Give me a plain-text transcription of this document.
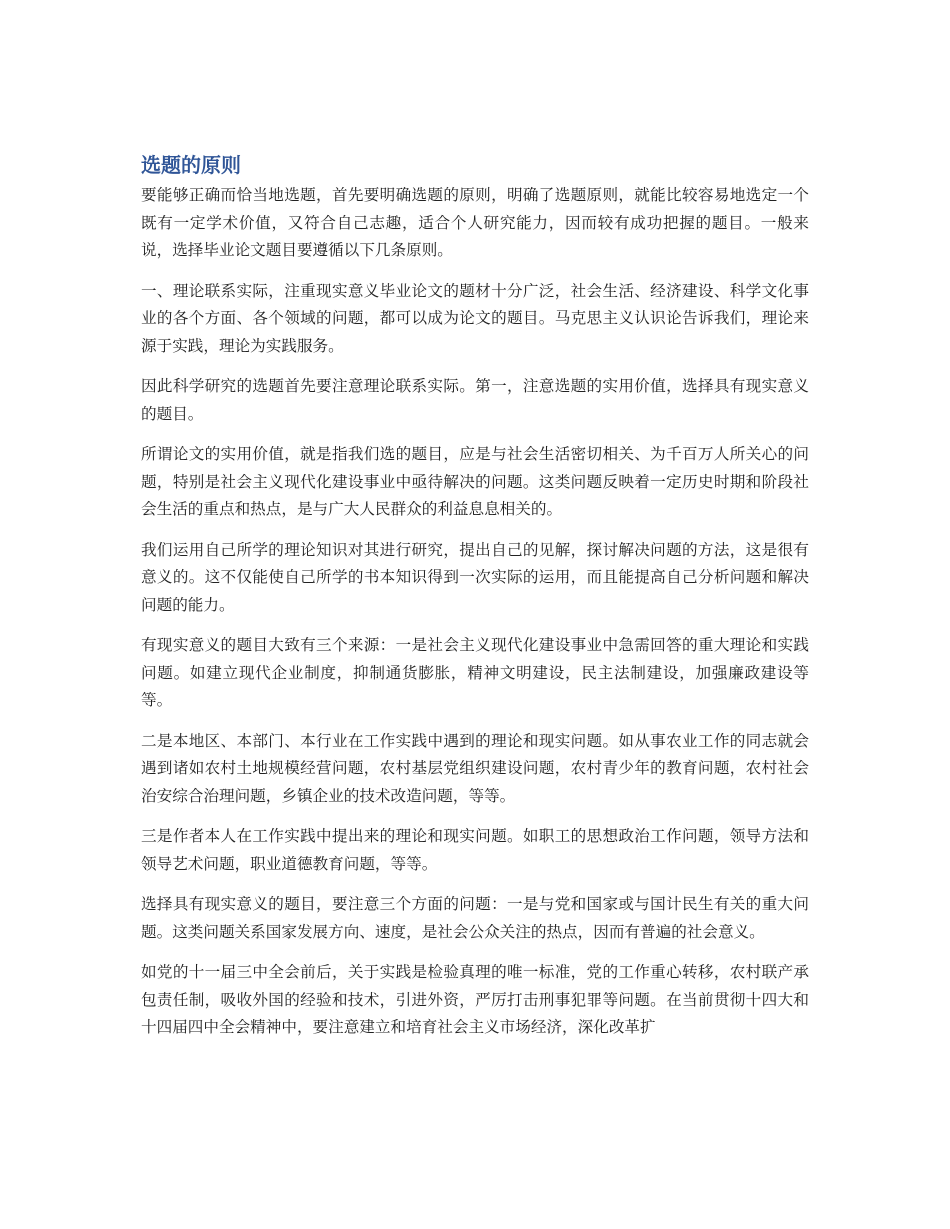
选题的原则

要能够正确而恰当地选题，首先要明确选题的原则，明确了选题原则，就能比较容易地选定一个既有一定学术价值，又符合自己志趣，适合个人研究能力，因而较有成功把握的题目。一般来说，选择毕业论文题目要遵循以下几条原则。

一、理论联系实际，注重现实意义毕业论文的题材十分广泛，社会生活、经济建设、科学文化事业的各个方面、各个领域的问题，都可以成为论文的题目。马克思主义认识论告诉我们，理论来源于实践，理论为实践服务。

因此科学研究的选题首先要注意理论联系实际。第一，注意选题的实用价值，选择具有现实意义的题目。

所谓论文的实用价值，就是指我们选的题目，应是与社会生活密切相关、为千百万人所关心的问题，特别是社会主义现代化建设事业中亟待解决的问题。这类问题反映着一定历史时期和阶段社会生活的重点和热点，是与广大人民群众的利益息息相关的。

我们运用自己所学的理论知识对其进行研究，提出自己的见解，探讨解决问题的方法，这是很有意义的。这不仅能使自己所学的书本知识得到一次实际的运用，而且能提高自己分析问题和解决问题的能力。

有现实意义的题目大致有三个来源：一是社会主义现代化建设事业中急需回答的重大理论和实践问题。如建立现代企业制度，抑制通货膨胀，精神文明建设，民主法制建设，加强廉政建设等等。

二是本地区、本部门、本行业在工作实践中遇到的理论和现实问题。如从事农业工作的同志就会遇到诸如农村土地规模经营问题，农村基层党组织建设问题，农村青少年的教育问题，农村社会治安综合治理问题，乡镇企业的技术改造问题，等等。

三是作者本人在工作实践中提出来的理论和现实问题。如职工的思想政治工作问题，领导方法和领导艺术问题，职业道德教育问题，等等。

选择具有现实意义的题目，要注意三个方面的问题：一是与党和国家或与国计民生有关的重大问题。这类问题关系国家发展方向、速度，是社会公众关注的热点，因而有普遍的社会意义。

如党的十一届三中全会前后，关于实践是检验真理的唯一标准，党的工作重心转移，农村联产承包责任制，吸收外国的经验和技术，引进外资，严厉打击刑事犯罪等问题。在当前贯彻十四大和十四届四中全会精神中，要注意建立和培育社会主义市场经济，深化改革扩
